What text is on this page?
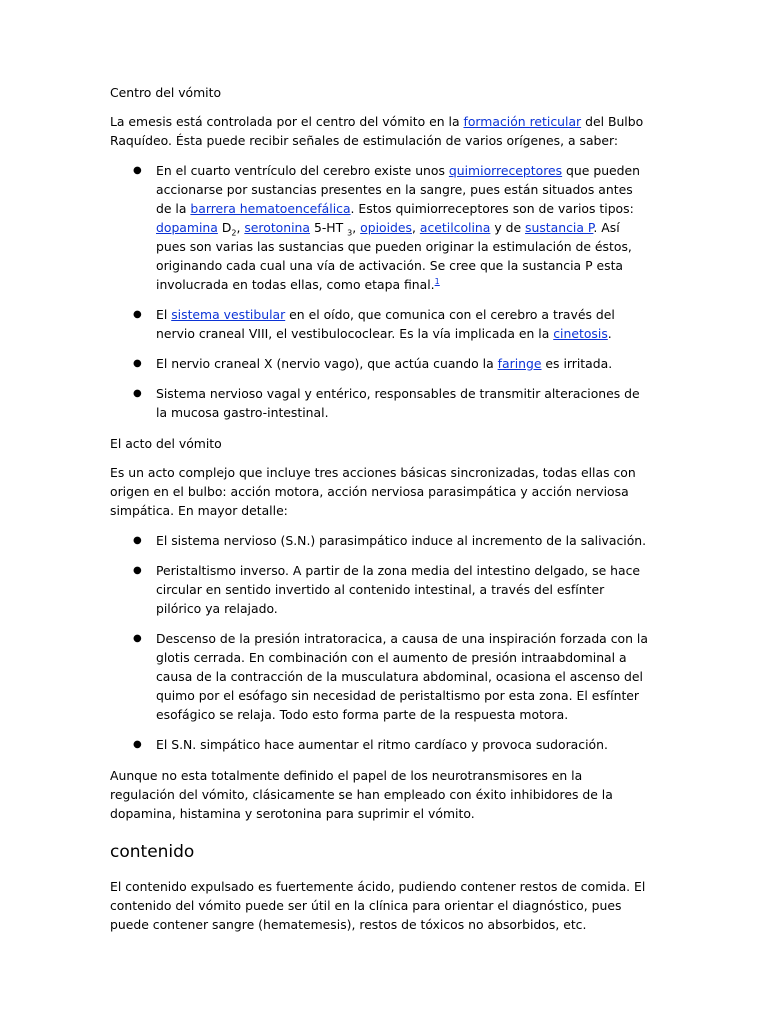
Centro del vómito

La emesis está controlada por el centro del vómito en la formación reticular del Bulbo Raquídeo. Ésta puede recibir señales de estimulación de varios orígenes, a saber:

● En el cuarto ventrículo del cerebro existe unos quimiorreceptores que pueden accionarse por sustancias presentes en la sangre, pues están situados antes de la barrera hematoencefálica. Estos quimiorreceptores son de varios tipos: dopamina $D_2$, serotonina 5-HT $_3$, opioides, acetilcolina y de sustancia P. Así pues son varias las sustancias que pueden originar la estimulación de éstos, originando cada cual una vía de activación. Se cree que la sustancia P esta involucrada en todas ellas, como etapa final.$^1$
● El sistema vestibular en el oído, que comunica con el cerebro a través del nervio craneal VIII, el vestibulococlear. Es la vía implicada en la cinetosis.
● El nervio craneal X (nervio vago), que actúa cuando la faringe es irritada.
● Sistema nervioso vagal y entérico, responsables de transmitir alteraciones de la mucosa gastro-intestinal.
El acto del vómito

Es un acto complejo que incluye tres acciones básicas sincronizadas, todas ellas con origen en el bulbo: acción motora, acción nerviosa parasimpática y acción nerviosa simpática. En mayor detalle:

● El sistema nervioso (S.N.) parasimpático induce al incremento de la salivación.
● Peristaltismo inverso. A partir de la zona media del intestino delgado, se hace circular en sentido invertido al contenido intestinal, a través del esfínter pilórico ya relajado.
● Descenso de la presión intratoracica, a causa de una inspiración forzada con la glotis cerrada. En combinación con el aumento de presión intraabdominal a causa de la contracción de la musculatura abdominal, ocasiona el ascenso del quimo por el esófago sin necesidad de peristaltismo por esta zona. El esfínter esofágico se relaja. Todo esto forma parte de la respuesta motora.
● El S.N. simpático hace aumentar el ritmo cardíaco y provoca sudoración.

Aunque no esta totalmente definido el papel de los neurotransmisores en la regulación del vómito, clásicamente se han empleado con éxito inhibidores de la dopamina, histamina y serotonina para suprimir el vómito.

contenido

El contenido expulsado es fuertemente ácido, pudiendo contener restos de comida. El contenido del vómito puede ser útil en la clínica para orientar el diagnóstico, pues puede contener sangre (hematemesis), restos de tóxicos no absorbidos, etc.
